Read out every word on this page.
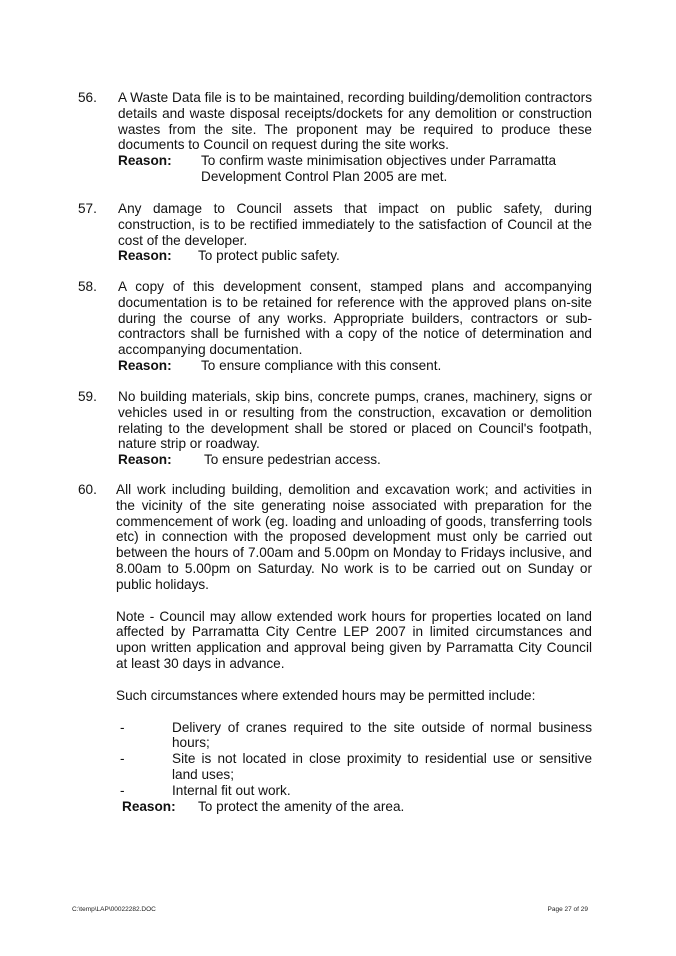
56.	A Waste Data file is to be maintained, recording building/demolition contractors details and waste disposal receipts/dockets for any demolition or construction wastes from the site. The proponent may be required to produce these documents to Council on request during the site works.

Reason:	To confirm waste minimisation objectives under Parramatta Development Control Plan 2005 are met.
57.	Any damage to Council assets that impact on public safety, during construction, is to be rectified immediately to the satisfaction of Council at the cost of the developer.

Reason:	To protect public safety.
58.	A copy of this development consent, stamped plans and accompanying documentation is to be retained for reference with the approved plans on-site during the course of any works. Appropriate builders, contractors or sub-contractors shall be furnished with a copy of the notice of determination and accompanying documentation.

Reason:	To ensure compliance with this consent.
59.	No building materials, skip bins, concrete pumps, cranes, machinery, signs or vehicles used in or resulting from the construction, excavation or demolition relating to the development shall be stored or placed on Council's footpath, nature strip or roadway.

Reason:	To ensure pedestrian access.
60.	All work including building, demolition and excavation work; and activities in the vicinity of the site generating noise associated with preparation for the commencement of work (eg. loading and unloading of goods, transferring tools etc) in connection with the proposed development must only be carried out between the hours of 7.00am and 5.00pm on Monday to Fridays inclusive, and 8.00am to 5.00pm on Saturday. No work is to be carried out on Sunday or public holidays.

Note - Council may allow extended work hours for properties located on land affected by Parramatta City Centre LEP 2007 in limited circumstances and upon written application and approval being given by Parramatta City Council at least 30 days in advance.

Such circumstances where extended hours may be permitted include:

-	Delivery of cranes required to the site outside of normal business hours;
-	Site is not located in close proximity to residential use or sensitive land uses;
-	Internal fit out work.
Reason:	To protect the amenity of the area.
C:\temp\LAP\00022282.DOC	Page 27 of 29
